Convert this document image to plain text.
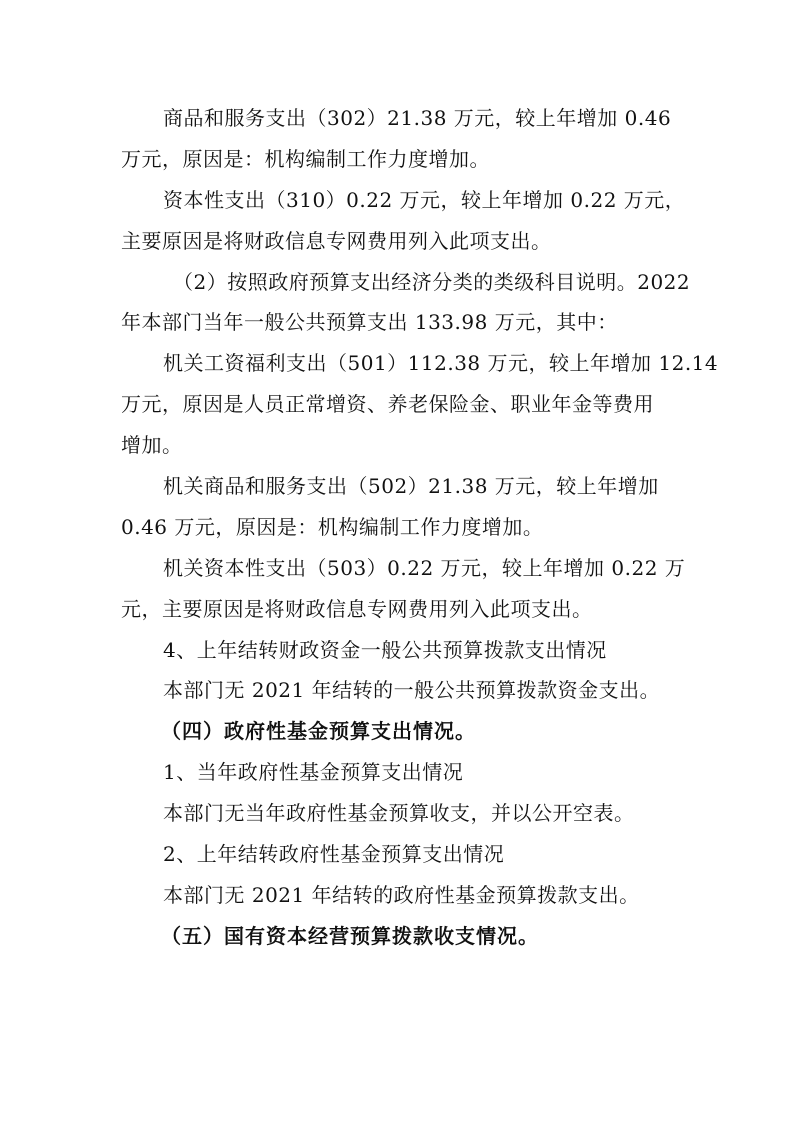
商品和服务支出（302）21.38 万元，较上年增加 0.46
万元，原因是：机构编制工作力度增加。
资本性支出（310）0.22 万元，较上年增加 0.22 万元，
主要原因是将财政信息专网费用列入此项支出。
（2）按照政府预算支出经济分类的类级科目说明。2022
年本部门当年一般公共预算支出 133.98 万元，其中：
机关工资福利支出（501）112.38 万元，较上年增加 12.14
万元，原因是人员正常增资、养老保险金、职业年金等费用
增加。
机关商品和服务支出（502）21.38 万元，较上年增加
0.46 万元，原因是：机构编制工作力度增加。
机关资本性支出（503）0.22 万元，较上年增加 0.22 万
元，主要原因是将财政信息专网费用列入此项支出。
4、上年结转财政资金一般公共预算拨款支出情况
本部门无 2021 年结转的一般公共预算拨款资金支出。
（四）政府性基金预算支出情况。
1、当年政府性基金预算支出情况
本部门无当年政府性基金预算收支，并以公开空表。
2、上年结转政府性基金预算支出情况
本部门无 2021 年结转的政府性基金预算拨款支出。
（五）国有资本经营预算拨款收支情况。
